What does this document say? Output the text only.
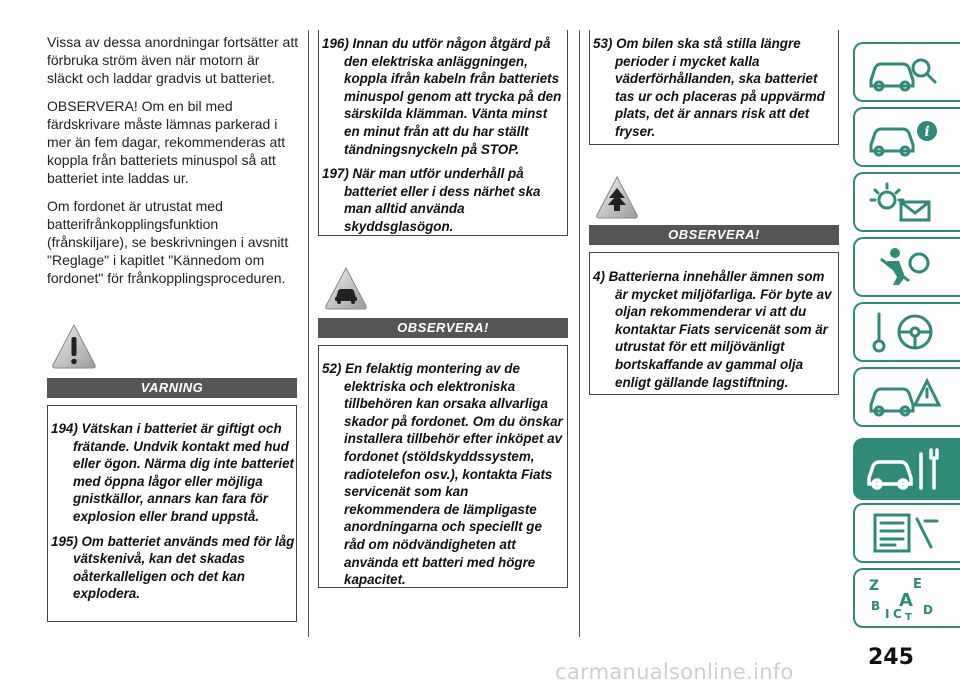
Vissa av dessa anordningar fortsätter att förbruka ström även när motorn är släckt och laddar gradvis ut batteriet.

OBSERVERA! Om en bil med färdskrivare måste lämnas parkerad i mer än fem dagar, rekommenderas att koppla från batteriets minuspol så att batteriet inte laddas ur.

Om fordonet är utrustat med batterifrånkopplingsfunktion (frånskiljare), se beskrivningen i avsnitt "Reglage" i kapitlet "Kännedom om fordonet" för frånkopplingsproceduren.

VARNING
194) Vätskan i batteriet är giftigt och frätande. Undvik kontakt med hud eller ögon. Närma dig inte batteriet med öppna lågor eller möjliga gnistkällor, annars kan fara för explosion eller brand uppstå.
195) Om batteriet används med för låg vätskenivå, kan det skadas oåterkalleligen och det kan explodera.
196) Innan du utför någon åtgärd på den elektriska anläggningen, koppla ifrån kabeln från batteriets minuspol genom att trycka på den särskilda klämman. Vänta minst en minut från att du har ställt tändningsnyckeln på STOP.
197) När man utför underhåll på batteriet eller i dess närhet ska man alltid använda skyddsglasögon.
OBSERVERA!
52) En felaktig montering av de elektriska och elektroniska tillbehören kan orsaka allvarliga skador på fordonet. Om du önskar installera tillbehör efter inköpet av fordonet (stöldskyddssystem, radiotelefon osv.), kontakta Fiats servicenät som kan rekommendera de lämpligaste anordningarna och speciellt ge råd om nödvändigheten att använda ett batteri med högre kapacitet.
53) Om bilen ska stå stilla längre perioder i mycket kalla väderförhållanden, ska batteriet tas ur och placeras på uppvärmd plats, det är annars risk att det fryser.
OBSERVERA!
4) Batterierna innehåller ämnen som är mycket miljöfarliga. För byte av oljan rekommenderar vi att du kontaktar Fiats servicenät som är utrustat för ett miljövänligt bortskaffande av gammal olja enligt gällande lagstiftning.
i
Z	E
B A
I C D
T
245
carmanualsonline.info
